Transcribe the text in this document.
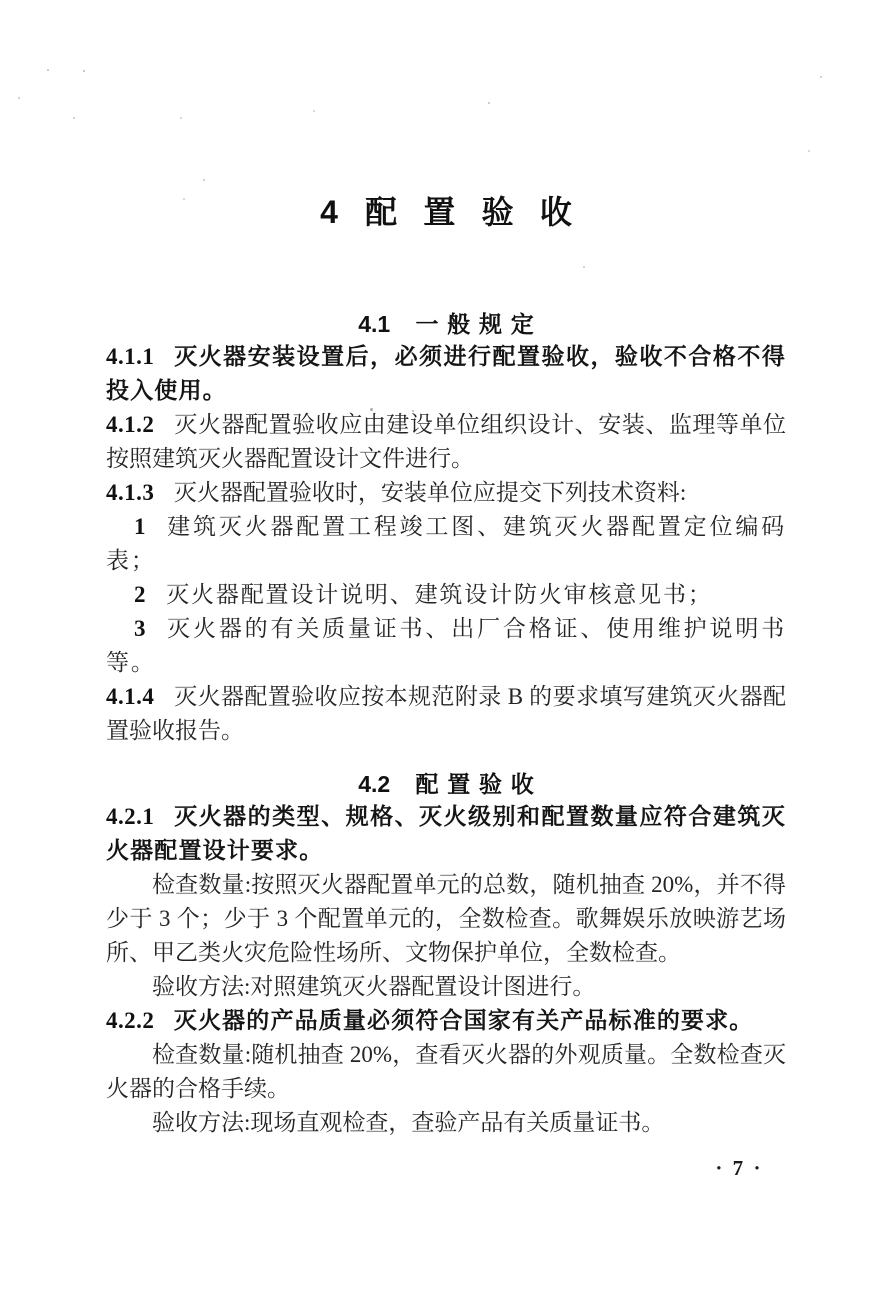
4 配置验收
4.1 一般规定

4.1.1 灭火器安装设置后，必须进行配置验收，验收不合格不得投入使用。

4.1.2 灭火器配置验收应由建设单位组织设计、安装、监理等单位按照建筑灭火器配置设计文件进行。

4.1.3 灭火器配置验收时，安装单位应提交下列技术资料:

1 建筑灭火器配置工程竣工图、建筑灭火器配置定位编码表；

2 灭火器配置设计说明、建筑设计防火审核意见书；

3 灭火器的有关质量证书、出厂合格证、使用维护说明书等。

4.1.4 灭火器配置验收应按本规范附录 B 的要求填写建筑灭火器配置验收报告。

4.2 配置验收

4.2.1 灭火器的类型、规格、灭火级别和配置数量应符合建筑灭火器配置设计要求。

检查数量:按照灭火器配置单元的总数，随机抽查 20%，并不得少于 3 个；少于 3 个配置单元的，全数检查。歌舞娱乐放映游艺场所、甲乙类火灾危险性场所、文物保护单位，全数检查。

验收方法:对照建筑灭火器配置设计图进行。

4.2.2 灭火器的产品质量必须符合国家有关产品标准的要求。

检查数量:随机抽查 20%，查看灭火器的外观质量。全数检查灭火器的合格手续。

验收方法:现场直观检查，查验产品有关质量证书。

· 7 ·
